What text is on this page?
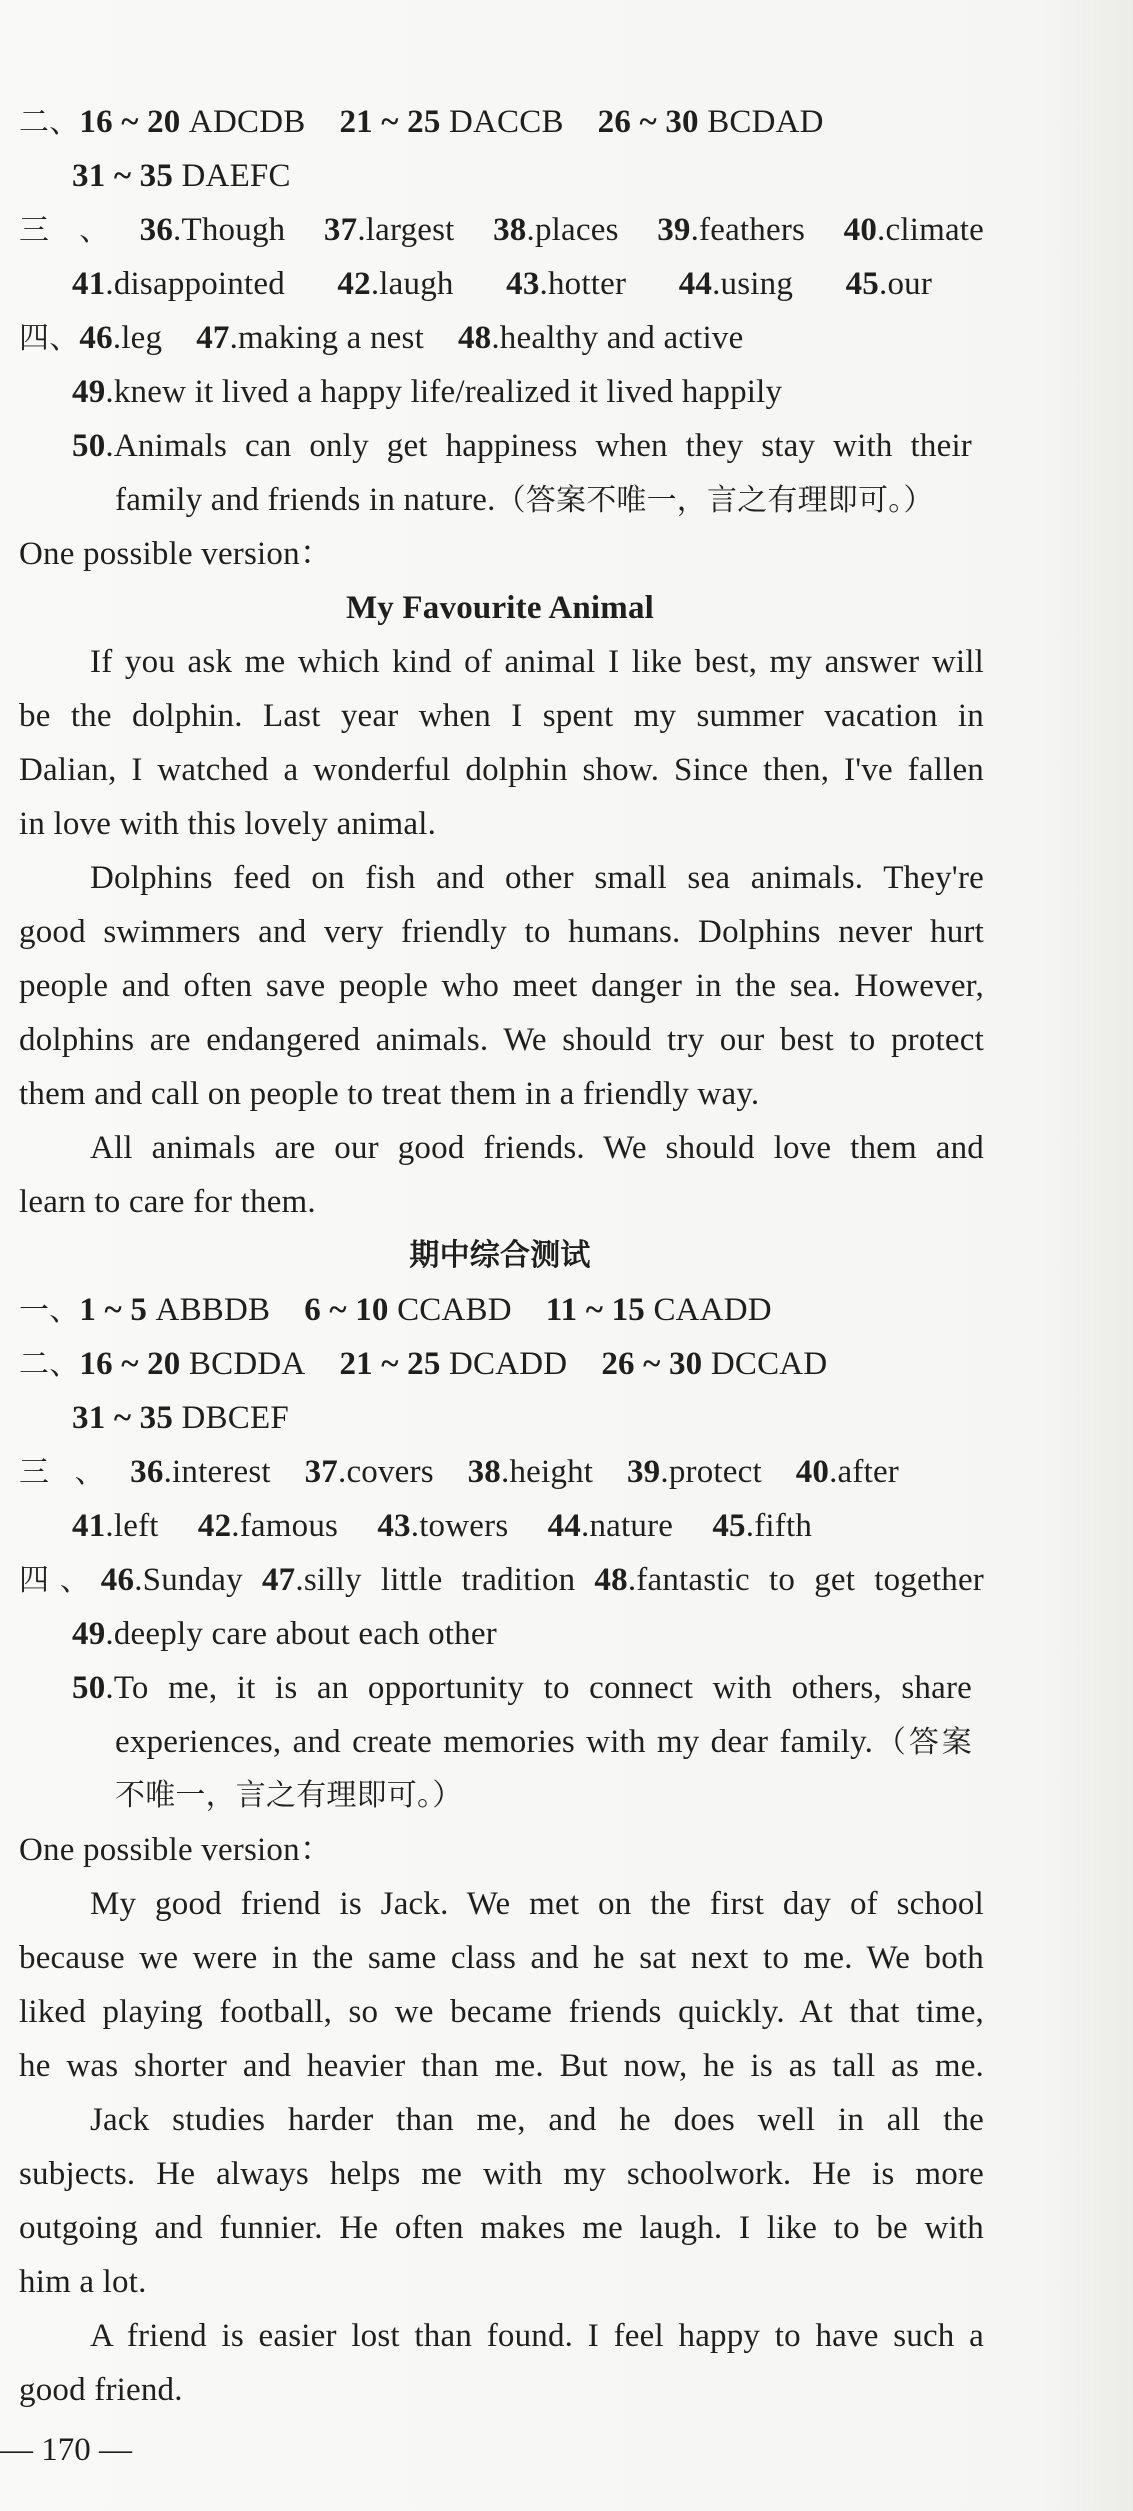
二、16 ~ 20 ADCDB 21 ~ 25 DACCB 26 ~ 30 BCDAD
31 ~ 35 DAEFC
三、36.Though 37.largest 38.places 39.feathers 40.climate
41.disappointed 42.laugh 43.hotter 44.using 45.our
四、46.leg 47.making a nest 48.healthy and active
49.knew it lived a happy life/realized it lived happily
50.Animals can only get happiness when they stay with their
family and friends in nature.（答案不唯一，言之有理即可。）
One possible version：
My Favourite Animal
If you ask me which kind of animal I like best, my answer will
be the dolphin. Last year when I spent my summer vacation in
Dalian, I watched a wonderful dolphin show. Since then, I've fallen
in love with this lovely animal.
Dolphins feed on fish and other small sea animals. They're
good swimmers and very friendly to humans. Dolphins never hurt
people and often save people who meet danger in the sea. However,
dolphins are endangered animals. We should try our best to protect
them and call on people to treat them in a friendly way.
All animals are our good friends. We should love them and
learn to care for them.
期中综合测试
一、1 ~ 5 ABBDB 6 ~ 10 CCABD 11 ~ 15 CAADD
二、16 ~ 20 BCDDA 21 ~ 25 DCADD 26 ~ 30 DCCAD
31 ~ 35 DBCEF
三、36.interest 37.covers 38.height 39.protect 40.after
41.left 42.famous 43.towers 44.nature 45.fifth
四、46.Sunday 47.silly little tradition 48.fantastic to get together
49.deeply care about each other
50.To me, it is an opportunity to connect with others, share
experiences, and create memories with my dear family.（答案
不唯一，言之有理即可。）
One possible version：
My good friend is Jack. We met on the first day of school
because we were in the same class and he sat next to me. We both
liked playing football, so we became friends quickly. At that time,
he was shorter and heavier than me. But now, he is as tall as me.
Jack studies harder than me, and he does well in all the
subjects. He always helps me with my schoolwork. He is more
outgoing and funnier. He often makes me laugh. I like to be with
him a lot.
A friend is easier lost than found. I feel happy to have such a
good friend.
— 170 —
